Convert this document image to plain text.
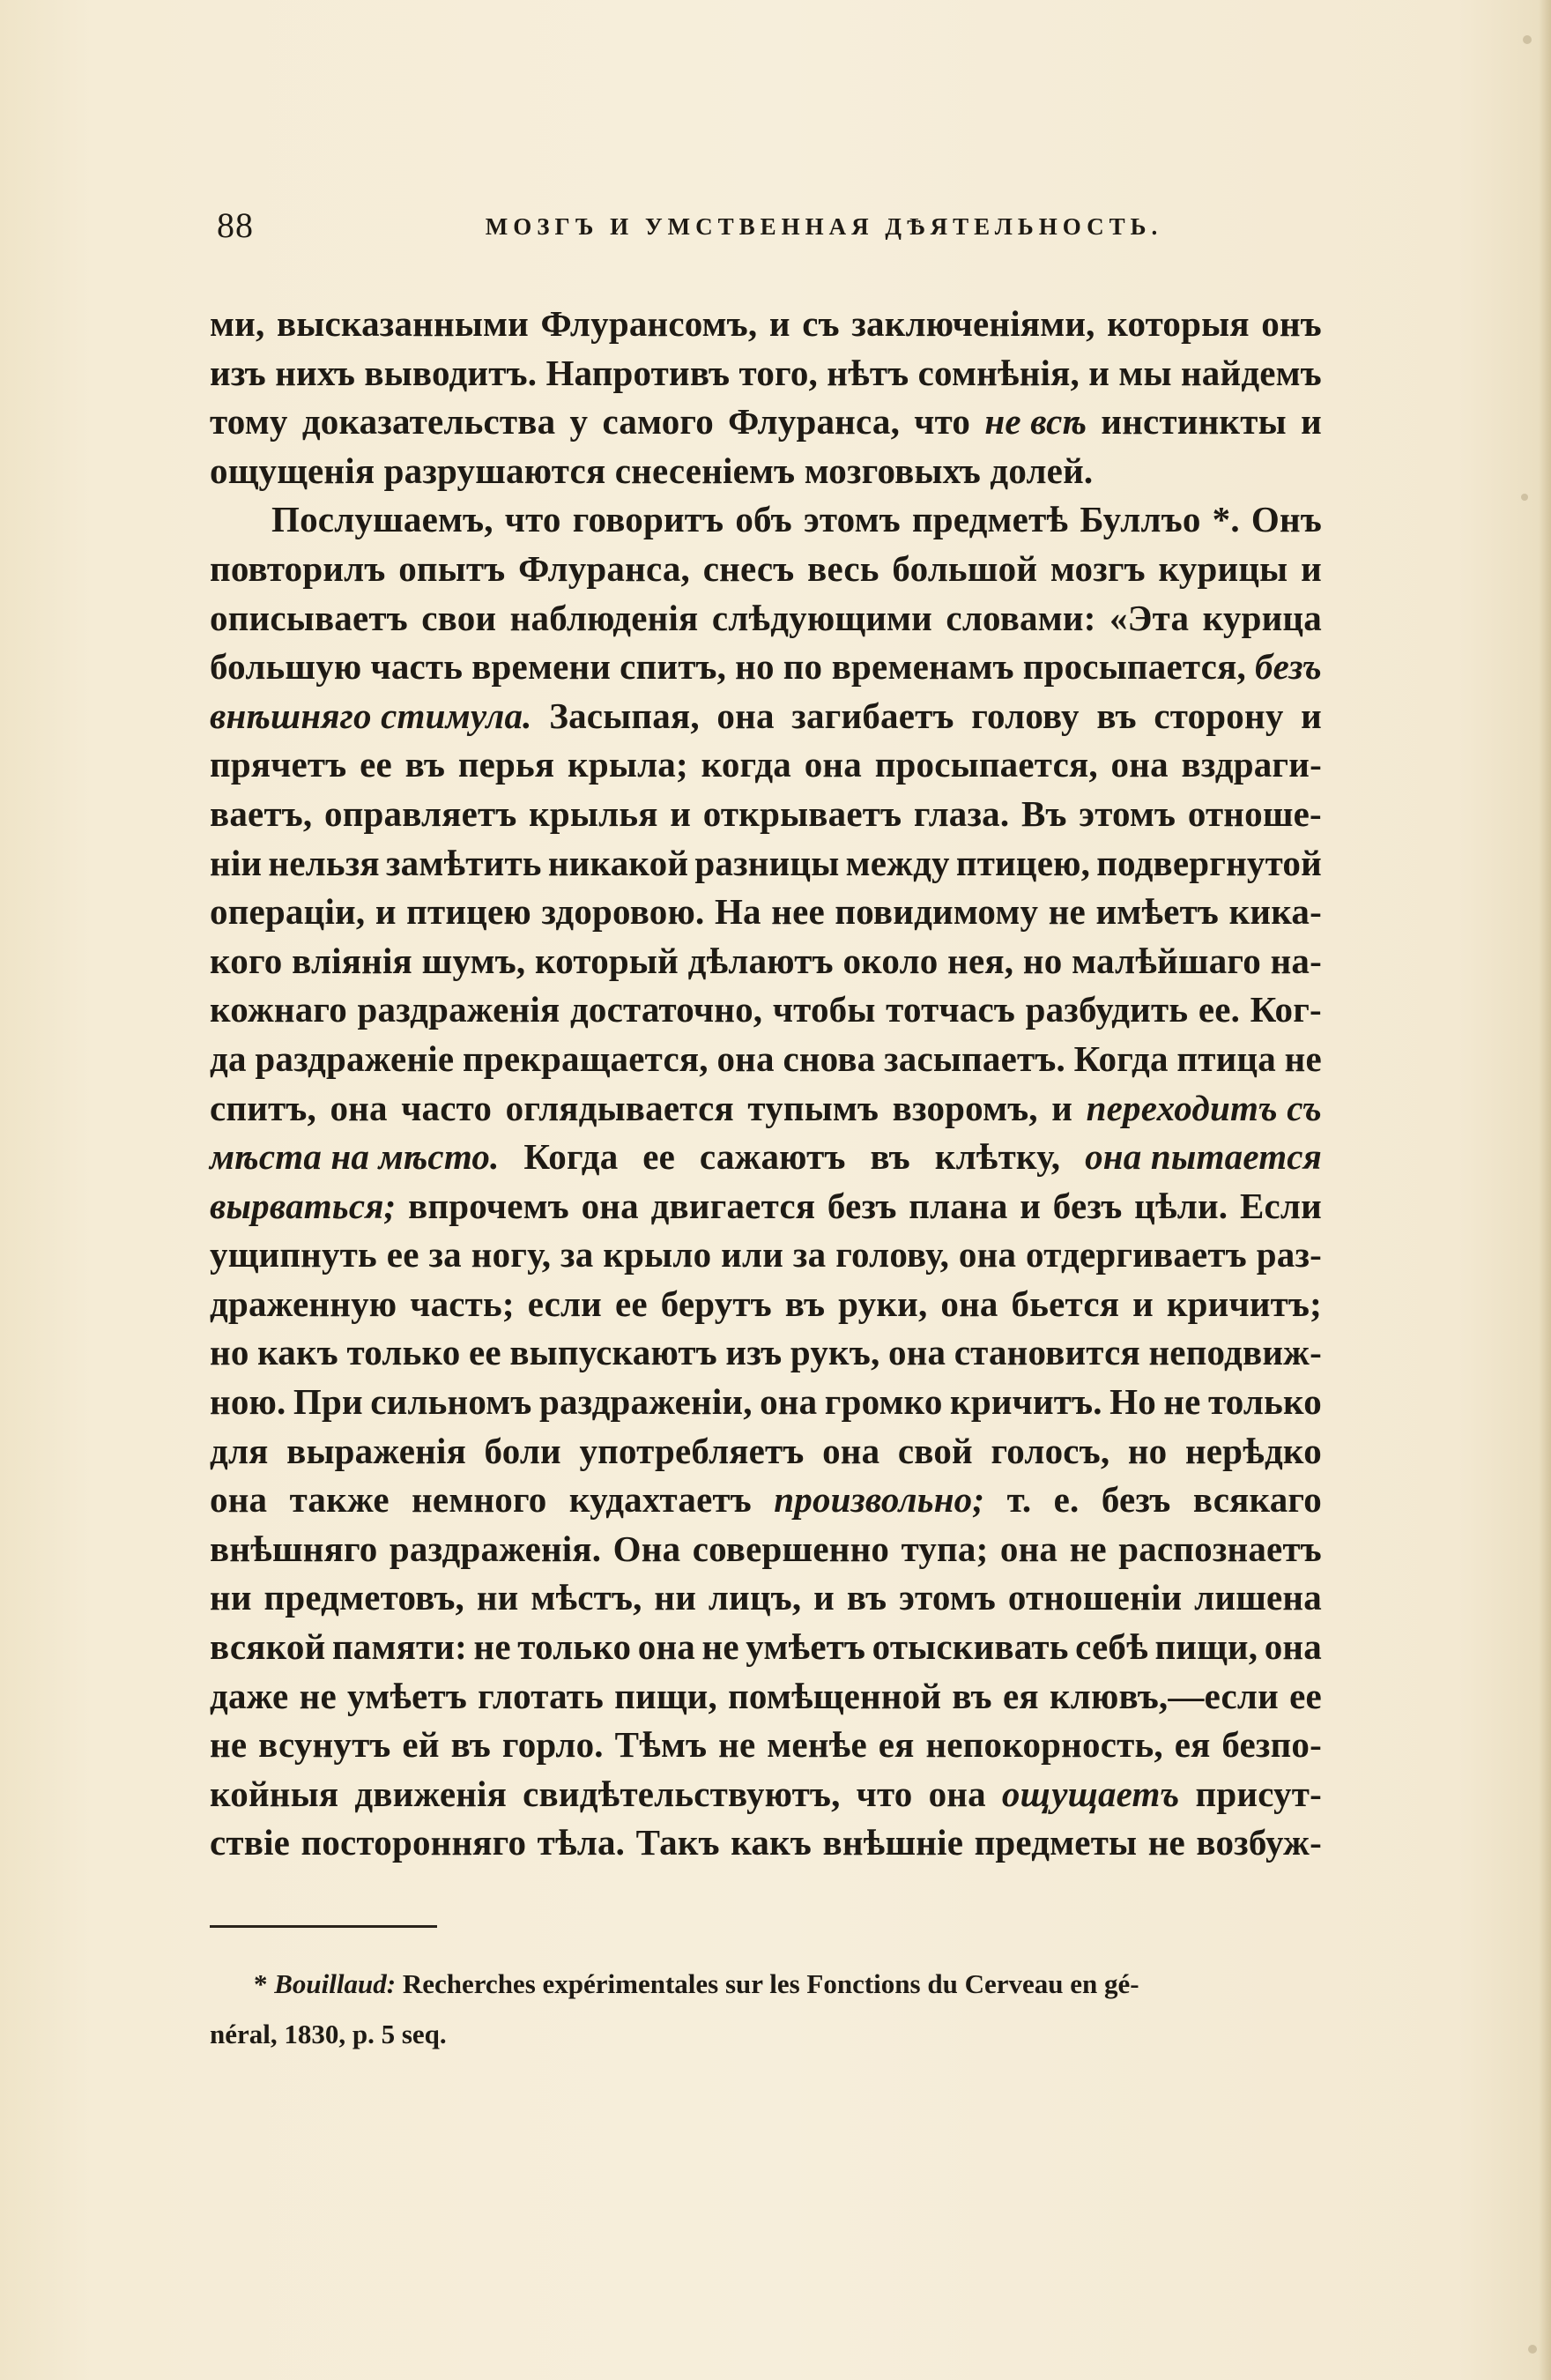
88	МОЗГЪ И УМСТВЕННАЯ ДѢЯТЕЛЬНОСТЬ.
ми, высказанными Флурансомъ, и съ заключеніями, которыя онъ
изъ нихъ выводитъ. Напротивъ того, нѣтъ сомнѣнія, и мы найдемъ
тому доказательства у самого Флуранса, что не всѣ инстинкты и
ощущенія разрушаются снесеніемъ мозговыхъ долей.
Послушаемъ, что говоритъ объ этомъ предметѣ Буллъо *. Онъ
повторилъ опытъ Флуранса, снесъ весь большой мозгъ курицы и
описываетъ свои наблюденія слѣдующими словами: «Эта курица
большую часть времени спитъ, но по временамъ просыпается, безъ
внѣшняго стимула. Засыпая, она загибаетъ голову въ сторону и
прячетъ ее въ перья крыла; когда она просыпается, она вздраги-
ваетъ, оправляетъ крылья и открываетъ глаза. Въ этомъ отноше-
ніи нельзя замѣтить никакой разницы между птицею, подвергнутой
операціи, и птицею здоровою. На нее повидимому не имѣетъ кика-
кого вліянія шумъ, который дѣлаютъ около нея, но малѣйшаго на-
кожнаго раздраженія достаточно, чтобы тотчасъ разбудить ее. Ког-
да раздраженіе прекращается, она снова засыпаетъ. Когда птица не
спитъ, она часто оглядывается тупымъ взоромъ, и переходитъ съ
мѣста на мѣсто. Когда ее сажаютъ въ клѣтку, она пытается
вырваться; впрочемъ она двигается безъ плана и безъ цѣли. Если
ущипнуть ее за ногу, за крыло или за голову, она отдергиваетъ раз-
драженную часть; если ее берутъ въ руки, она бьется и кричитъ;
но какъ только ее выпускаютъ изъ рукъ, она становится неподвиж-
ною. При сильномъ раздраженіи, она громко кричитъ. Но не только
для выраженія боли употребляетъ она свой голосъ, но нерѣдко
она также немного кудахтаетъ произвольно; т. е. безъ всякаго
внѣшняго раздраженія. Она совершенно тупа; она не распознаетъ
ни предметовъ, ни мѣстъ, ни лицъ, и въ этомъ отношеніи лишена
всякой памяти: не только она не умѣетъ отыскивать себѣ пищи, она
даже не умѣетъ глотать пищи, помѣщенной въ ея клювъ,—если ее
не всунутъ ей въ горло. Тѣмъ не менѣе ея непокорность, ея безпо-
койныя движенія свидѣтельствуютъ, что она ощущаетъ присут-
ствіе посторонняго тѣла. Такъ какъ внѣшніе предметы не возбуж-
*
Bouillaud:
Recherches expérimentales sur les Fonctions du Cerveau en gé-
néral, 1830, p. 5 seq.
